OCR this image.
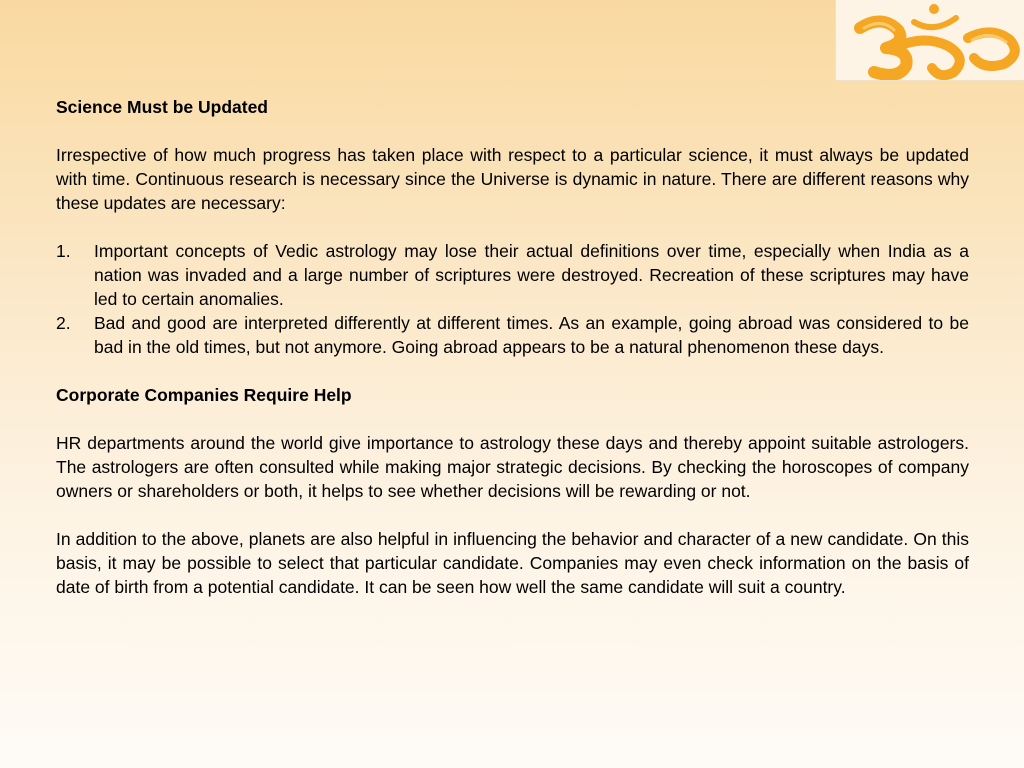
Science Must be Updated
Irrespective of how much progress has taken place with respect to a particular science, it must always be updated with time. Continuous research is necessary since the Universe is dynamic in nature. There are different reasons why these updates are necessary:
1.	Important concepts of Vedic astrology may lose their actual definitions over time, especially when India as a nation was invaded and a large number of scriptures were destroyed. Recreation of these scriptures may have led to certain anomalies.
2.	Bad and good are interpreted differently at different times. As an example, going abroad was considered to be bad in the old times, but not anymore. Going abroad appears to be a natural phenomenon these days.
Corporate Companies Require Help
HR departments around the world give importance to astrology these days and thereby appoint suitable astrologers. The astrologers are often consulted while making major strategic decisions. By checking the horoscopes of company owners or shareholders or both, it helps to see whether decisions will be rewarding or not.
In addition to the above, planets are also helpful in influencing the behavior and character of a new candidate. On this basis, it may be possible to select that particular candidate. Companies may even check information on the basis of date of birth from a potential candidate. It can be seen how well the same candidate will suit a country.
